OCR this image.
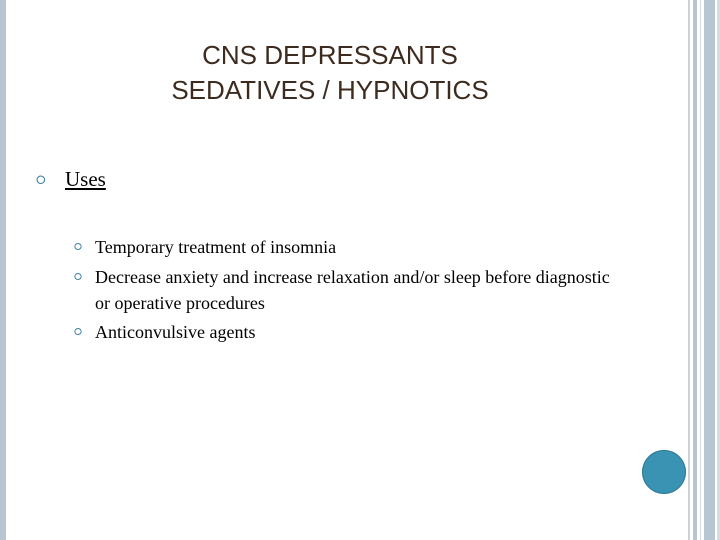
CNS DEPRESSANTS
SEDATIVES / HYPNOTICS
⭘ Uses
⭘ Temporary treatment of insomnia
⭘ Decrease anxiety and increase relaxation and/or sleep before diagnostic or operative procedures
⭘ Anticonvulsive agents
